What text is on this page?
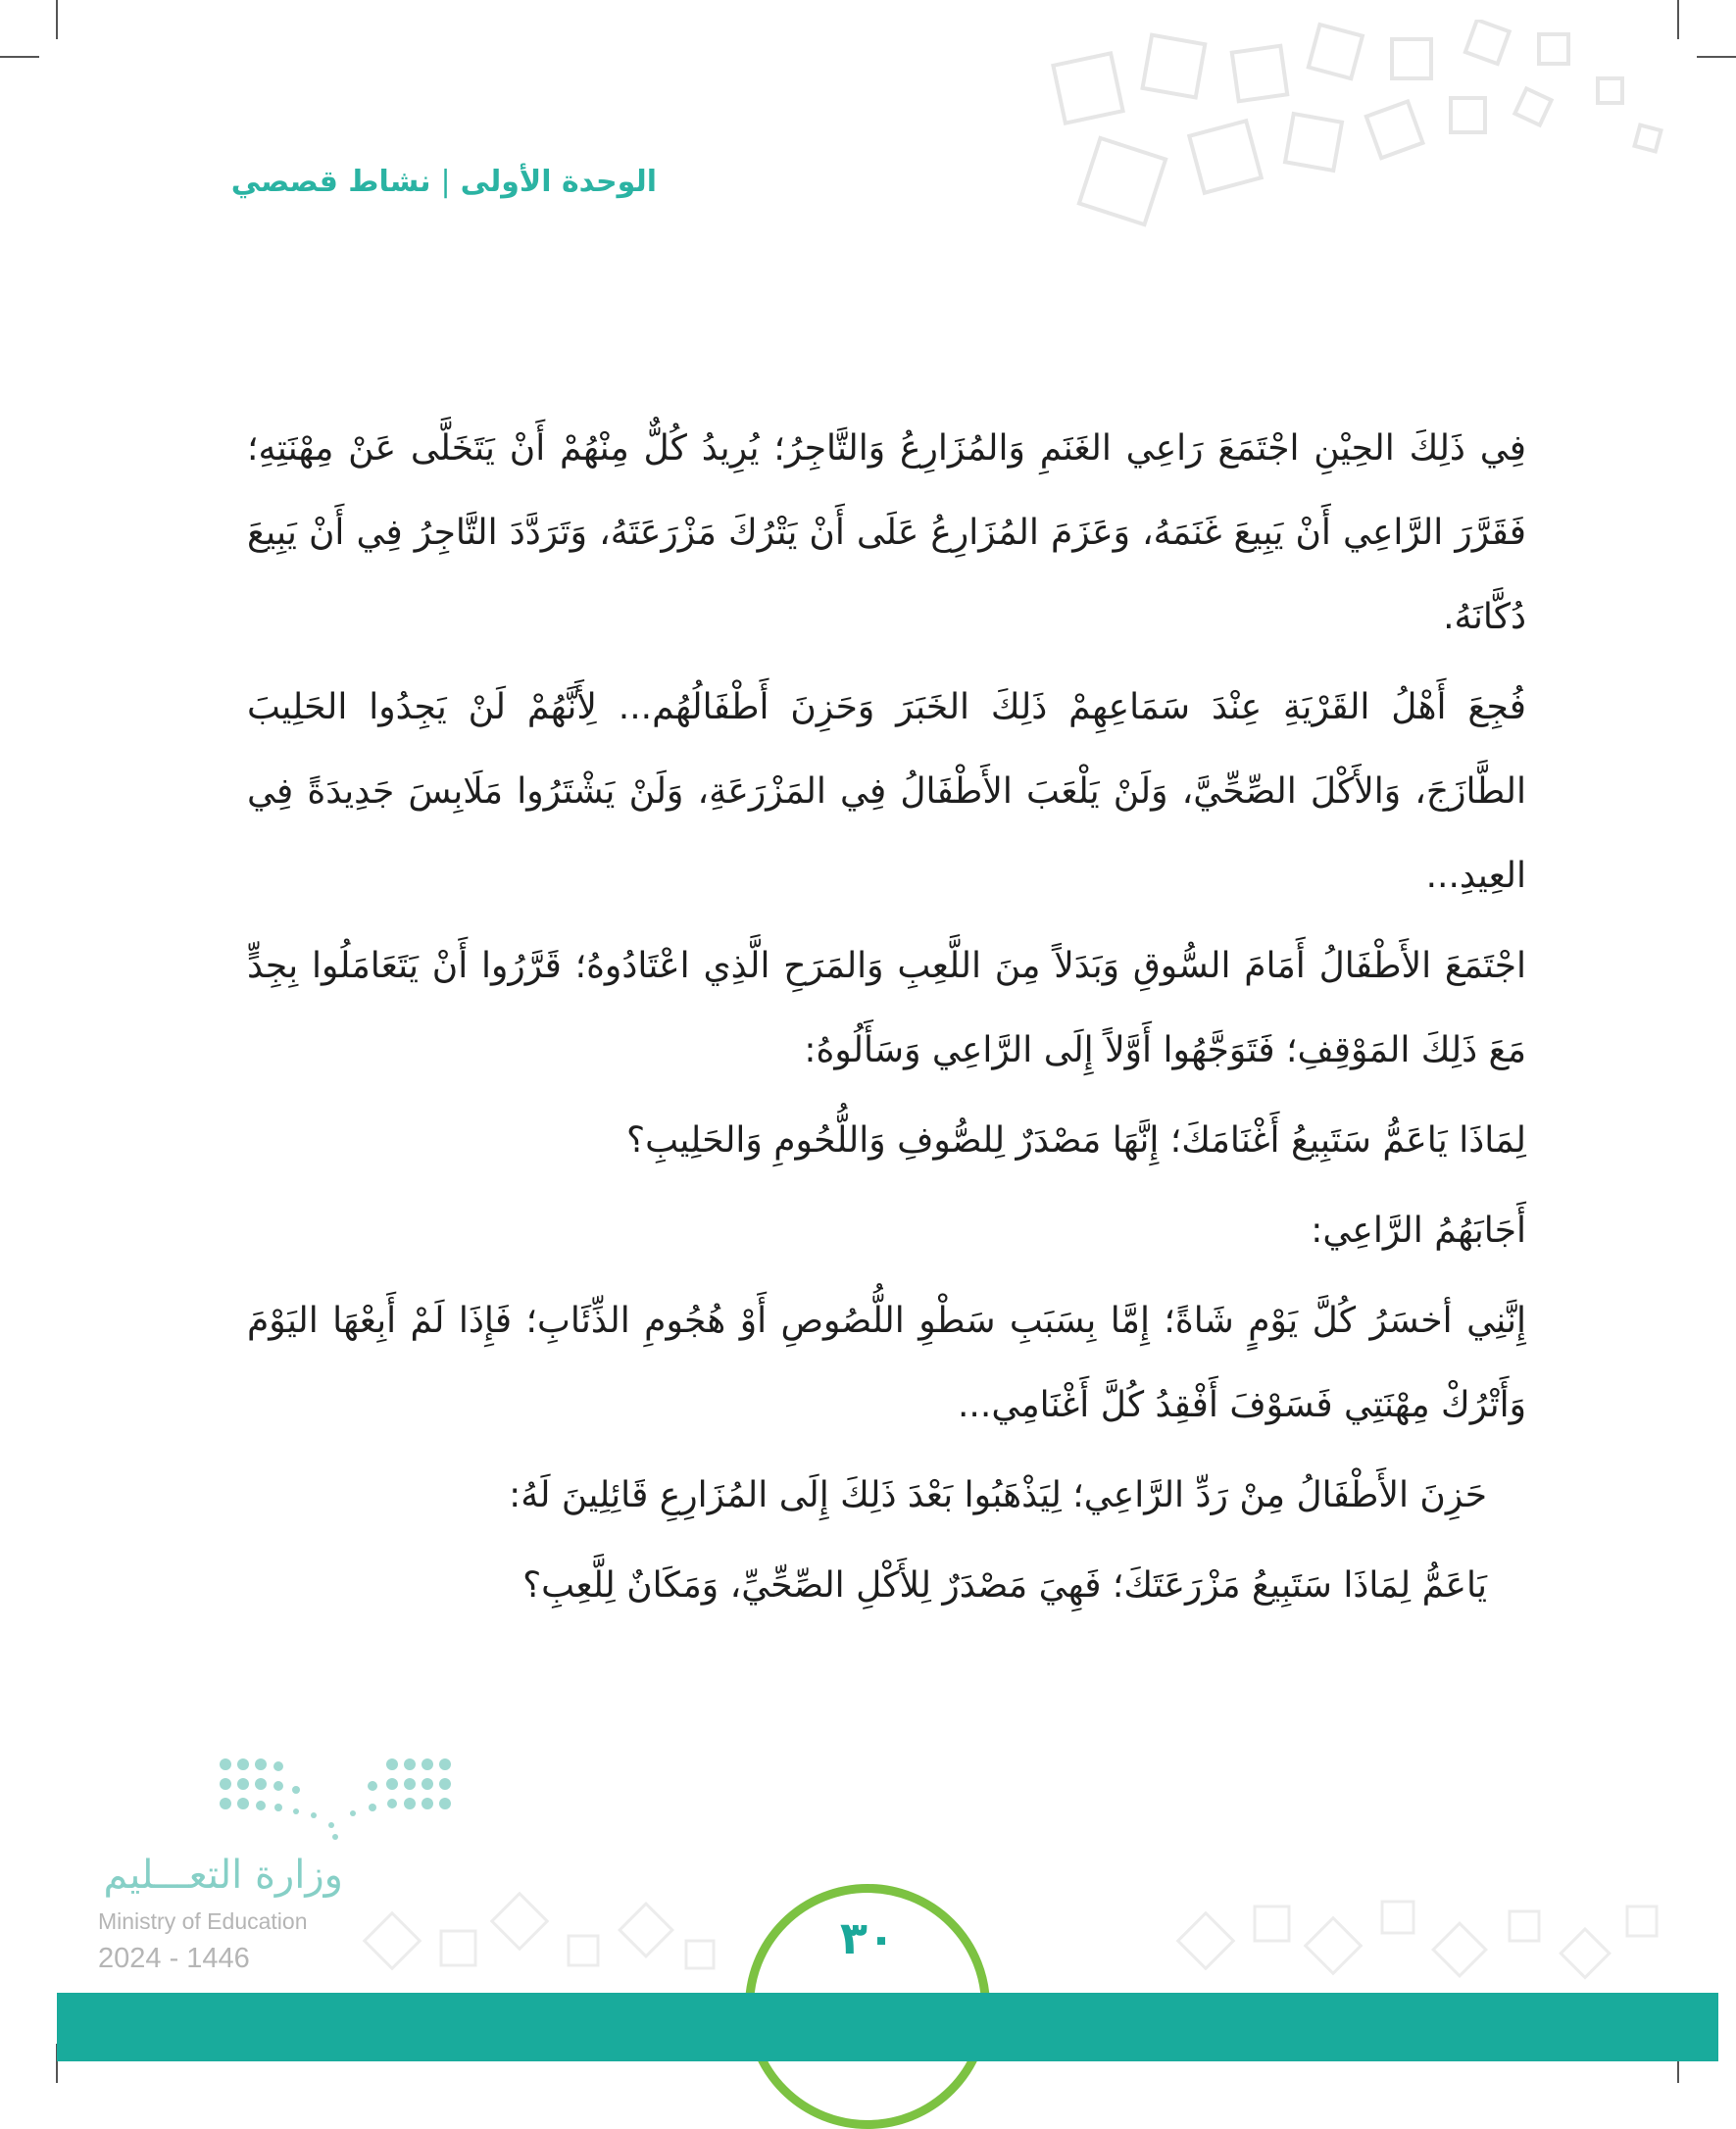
الوحدة الأولى|نشاط قصصي

فِي ذَلِكَ الحِيْنِ اجْتَمَعَ رَاعِي الغَنَمِ وَالمُزَارِعُ وَالتَّاجِرُ؛ يُرِيدُ كُلٌّ مِنْهُمْ أَنْ يَتَخَلَّى عَنْ مِهْنَتِهِ؛ فَقَرَّرَ الرَّاعِي أَنْ يَبِيعَ غَنَمَهُ، وَعَزَمَ المُزَارِعُ عَلَى أَنْ يَتْرُكَ مَزْرَعَتَهُ، وَتَرَدَّدَ التَّاجِرُ فِي أَنْ يَبِيعَ دُكَّانَهُ.

فُجِعَ أَهْلُ القَرْيَةِ عِنْدَ سَمَاعِهِمْ ذَلِكَ الخَبَرَ وَحَزِنَ أَطْفَالُهُم... لِأَنَّهُمْ لَنْ يَجِدُوا الحَلِيبَ الطَّازَجَ، وَالأَكْلَ الصِّحِّيَّ، وَلَنْ يَلْعَبَ الأَطْفَالُ فِي المَزْرَعَةِ، وَلَنْ يَشْتَرُوا مَلَابِسَ جَدِيدَةً فِي العِيدِ...

اجْتَمَعَ الأَطْفَالُ أَمَامَ السُّوقِ وَبَدَلاً مِنَ اللَّعِبِ وَالمَرَحِ الَّذِي اعْتَادُوهُ؛ قَرَّرُوا أَنْ يَتَعَامَلُوا بِجِدٍّ مَعَ ذَلِكَ المَوْقِفِ؛ فَتَوَجَّهُوا أَوَّلاً إِلَى الرَّاعِي وَسَأَلُوهُ:

لِمَاذَا يَاعَمُّ سَتَبِيعُ أَغْنَامَكَ؛ إِنَّهَا مَصْدَرٌ لِلصُّوفِ وَاللُّحُومِ وَالحَلِيبِ؟

أَجَابَهُمُ الرَّاعِي:

إِنَّنِي أخسَرُ كُلَّ يَوْمٍ شَاةً؛ إِمَّا بِسَبَبِ سَطْوِ اللُّصُوصِ أَوْ هُجُومِ الذِّئَابِ؛ فَإِذَا لَمْ أَبِعْهَا اليَوْمَ وَأَتْرُكْ مِهْنَتِي فَسَوْفَ أَفْقِدُ كُلَّ أَغْنَامِي...

حَزِنَ الأَطْفَالُ مِنْ رَدِّ الرَّاعِي؛ لِيَذْهَبُوا بَعْدَ ذَلِكَ إِلَى المُزَارِعِ قَائِلِينَ لَهُ:

يَاعَمُّ لِمَاذَا سَتَبِيعُ مَزْرَعَتَكَ؛ فَهِيَ مَصْدَرٌ لِلأَكْلِ الصِّحِّيِّ، وَمَكَانٌ لِلَّعِبِ؟

وزارة التعـــليم
Ministry of Education
2024 - 1446	٣٠
